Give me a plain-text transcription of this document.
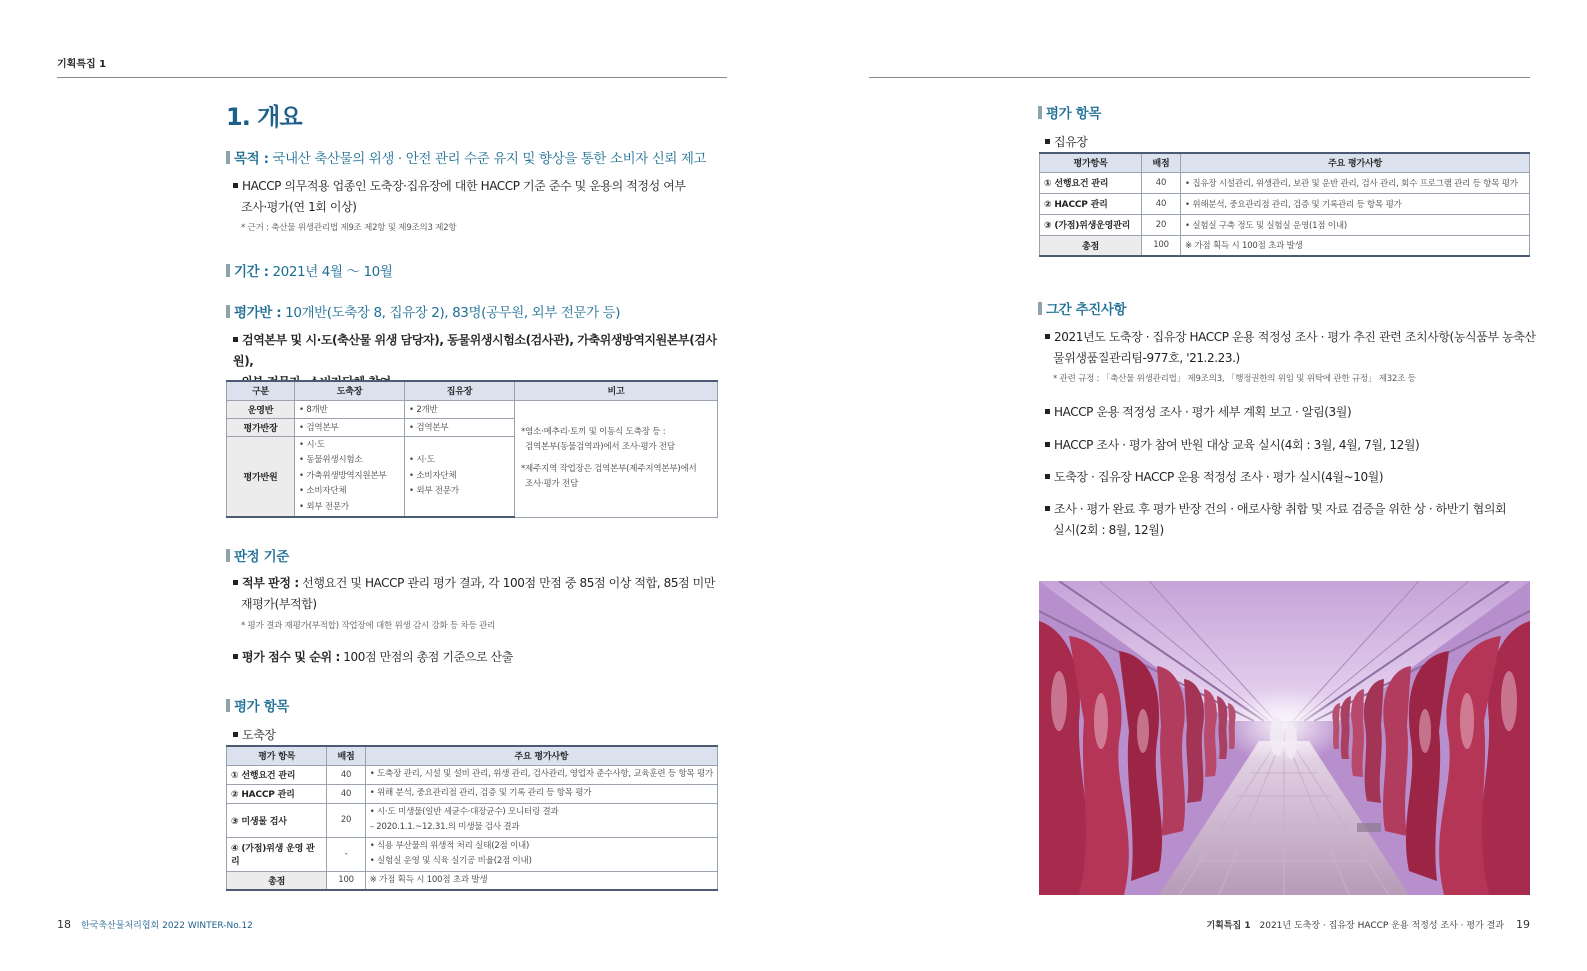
기획특집 1
1. 개요
목적 : 국내산 축산물의 위생 · 안전 관리 수준 유지 및 향상을 통한 소비자 신뢰 제고
HACCP 의무적용 업종인 도축장·집유장에 대한 HACCP 기준 준수 및 운용의 적정성 여부
조사·평가(연 1회 이상)
* 근거 : 축산물 위생관리법 제9조 제2항 및 제9조의3 제2항
기간 : 2021년 4월 ～ 10월
평가반 : 10개반(도축장 8, 집유장 2), 83명(공무원, 외부 전문가 등)
검역본부 및 시·도(축산물 위생 담당자), 동물위생시험소(검사관), 가축위생방역지원본부(검사원),

구분	도축장	집유장	비고
운영반	• 8개반	• 2개반	*염소·메추리·토끼 및 이동식 도축장 등 :
검역본부(동물검역과)에서 조사·평가 전담
*제주지역 작업장은 검역본부(제주지역본부)에서
조사·평가 전담

평가반장	• 검역본부	• 검역본부	
평가반원	• 시·도
• 동물위생시험소
• 가축위생방역지원본부
• 소비자단체
• 외부 전문가	• 시·도
• 소비자단체
• 외부 전문가	
판정 기준
적부 판정 : 선행요건 및 HACCP 관리 평가 결과, 각 100점 만점 중 85점 이상 적합, 85점 미만
재평가(부적합)
* 평가 결과 재평가(부적합) 작업장에 대한 위생 감시 강화 등 차등 관리
평가 점수 및 순위 : 100점 만점의 총점 기준으로 산출
평가 항목
도축장
평가 항목	배점	주요 평가사항
① 선행요건 관리	40	• 도축장 관리, 시설 및 설비 관리, 위생 관리, 검사관리, 영업자 준수사항, 교육훈련 등 항목 평가

② HACCP 관리	40	• 위해 분석, 중요관리점 관리, 검증 및 기록 관리 등 항목 평가

③ 미생물 검사	20	• 시·도 미생물(일반 세균수·대장균수) 모니터링 결과
– 2020.1.1.~12.31.의 미생물 검사 결과

④ (가점)위생 운영 관리	-	• 식용 부산물의 위생적 처리 실태(2점 이내)
• 실험실 운영 및 식육 실기공 비율(2점 이내)

총점	100	※ 가점 획득 시 100점 초과 발생
평가 항목
집유장
평가항목	배점	주요 평가사항
① 선행요건 관리	40	• 집유장 시설관리, 위생관리, 보관 및 운반 관리, 검사 관리, 회수 프로그램 관리 등 항목 평가
② HACCP 관리	40	• 위해분석, 중요관리점 관리, 검증 및 기록관리 등 항목 평가
③ (가점)위생운영관리	20	• 실험실 구축 정도 및 실험실 운영(1점 이내)
총점	100	※ 가점 획득 시 100점 초과 발생
그간 추진사항
2021년도 도축장 · 집유장 HACCP 운용 적정성 조사 · 평가 추진 관련 조치사항(농식품부 농축산
물위생품질관리팀-977호, '21.2.23.)
* 관련 규정 : 「축산물 위생관리법」 제9조의3, 「행정권한의 위임 및 위탁에 관한 규정」 제32조 등
HACCP 운용 적정성 조사 · 평가 세부 계획 보고 · 알림(3월)
HACCP 조사 · 평가 참여 반원 대상 교육 실시(4회 : 3월, 4월, 7월, 12월)
도축장 · 집유장 HACCP 운용 적정성 조사 · 평가 실시(4월~10월)
조사 · 평가 완료 후 평가 반장 건의 · 애로사항 취합 및 자료 검증을 위한 상 · 하반기 협의회
실시(2회 : 8월, 12월)
18 한국축산물처리협회 2022 WINTER-No.12	기획특집 1 2021년 도축장 · 집유장 HACCP 운용 적정성 조사 · 평가 결과 19
